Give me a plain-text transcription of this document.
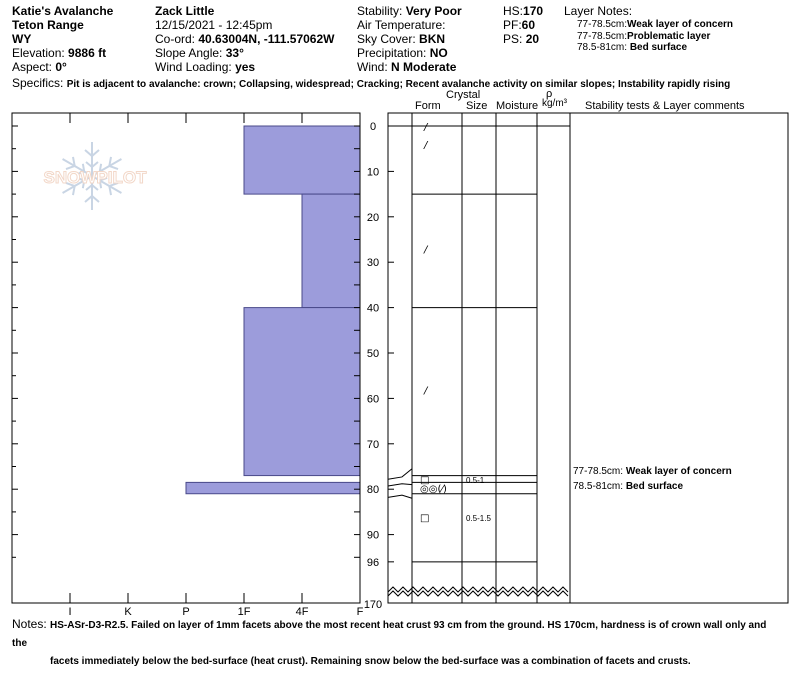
Katie's Avalanche
Teton Range
WY
Elevation: 9886 ft
Aspect: 0°
Zack Little
12/15/2021 - 12:45pm
Co-ord: 40.63004N, -111.57062W
Slope Angle: 33°
Wind Loading: yes
Stability: Very Poor
Air Temperature:
Sky Cover: BKN
Precipitation: NO
Wind: N Moderate
HS:170
PF:60
PS: 20
Layer Notes:
77-78.5cm:Weak layer of concern
77-78.5cm:Problematic layer
78.5-81cm: Bed surface
Specifics: Pit is adjacent to avalanche: crown; Collapsing, widespread; Cracking; Recent avalanche activity on similar slopes; Instability rapidly rising
Crystal	ρ
Form Size Moisture kg/m³ Stability tests & Layer comments
SNOWPILOT
I	K	P	1F	4F	F
0
10
20
30
40
50
60
70
80
90
96
170
/
/
/
/
□	0.5-1
◎◎(⁄)
□	0.5-1.5
77-78.5cm: Weak layer of concern
78.5-81cm: Bed surface
Notes: HS-ASr-D3-R2.5. Failed on layer of 1mm facets above the most recent heat crust 93 cm from the ground. HS 170cm, hardness is of crown wall only and the
facets immediately below the bed-surface (heat crust). Remaining snow below the bed-surface was a combination of facets and crusts.
